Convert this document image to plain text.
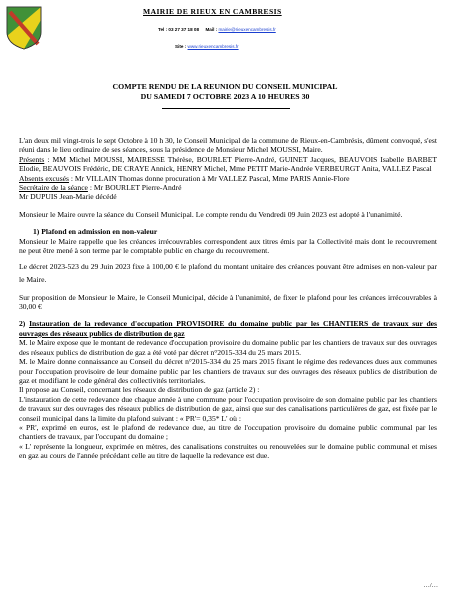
MAIRIE DE RIEUX EN CAMBRESIS
Tel : 03 27 37 18 08 Mail : mairie@rieuxencambresis.fr
Site : www.rieuxencambresis.fr
COMPTE RENDU DE LA REUNION DU CONSEIL MUNICIPAL
DU SAMEDI 7 OCTOBRE 2023 A 10 HEURES 30

L'an deux mil vingt-trois le sept Octobre à 10 h 30, le Conseil Municipal de la commune de Rieux-en-Cambrésis, dûment convoqué, s'est réuni dans le lieu ordinaire de ses séances, sous la présidence de Monsieur Michel MOUSSI, Maire.

Présents : MM Michel MOUSSI, MAIRESSE Thérèse, BOURLET Pierre-André, GUINET Jacques, BEAUVOIS Isabelle BARBET Elodie, BEAUVOIS Frédéric, DE CRAYE Annick, HENRY Michel, Mme PETIT Marie-Andrée VERBEURGT Anita, VALLEZ Pascal

Absents excusés : Mr VILLAIN Thomas donne procuration à Mr VALLEZ Pascal, Mme PARIS Annie-Flore

Secrétaire de la séance : Mr BOURLET Pierre-André

Mr DUPUIS Jean-Marie décédé

Monsieur le Maire ouvre la séance du Conseil Municipal. Le compte rendu du Vendredi 09 Juin 2023 est adopté à l'unanimité.

1) Plafond en admission en non-valeur

Monsieur le Maire rappelle que les créances irrécouvrables correspondent aux titres émis par la Collectivité mais dont le recouvrement ne peut être mené à son terme par le comptable public en charge du recouvrement.

Le décret 2023-523 du 29 Juin 2023 fixe à 100,00 € le plafond du montant unitaire des créances pouvant être admises en non-valeur par le Maire.

Sur proposition de Monsieur le Maire, le Conseil Municipal, décide à l'unanimité, de fixer le plafond pour les créances irrécouvrables à 30,00 €

2) Instauration de la redevance d'occupation PROVISOIRE du domaine public par les CHANTIERS de travaux sur des ouvrages des réseaux publics de distribution de gaz

M. le Maire expose que le montant de redevance d'occupation provisoire du domaine public par les chantiers de travaux sur des ouvrages des réseaux publics de distribution de gaz a été voté par décret n°2015-334 du 25 mars 2015.

M. le Maire donne connaissance au Conseil du décret n°2015-334 du 25 mars 2015 fixant le régime des redevances dues aux communes pour l'occupation provisoire de leur domaine public par les chantiers de travaux sur des ouvrages des réseaux publics de distribution de gaz et modifiant le code général des collectivités territoriales.

Il propose au Conseil, concernant les réseaux de distribution de gaz (article 2) :

L'instauration de cette redevance due chaque année à une commune pour l'occupation provisoire de son domaine public par les chantiers de travaux sur des ouvrages des réseaux publics de distribution de gaz, ainsi que sur des canalisations particulières de gaz, est fixée par le conseil municipal dans la limite du plafond suivant : « PR'= 0,35* L' où :

« PR', exprimé en euros, est le plafond de redevance due, au titre de l'occupation provisoire du domaine public communal par les chantiers de travaux, par l'occupant du domaine ;

« L' représente la longueur, exprimée en mètres, des canalisations construites ou renouvelées sur le domaine public communal et mises en gaz au cours de l'année précédant celle au titre de laquelle la redevance est due.

…/…
